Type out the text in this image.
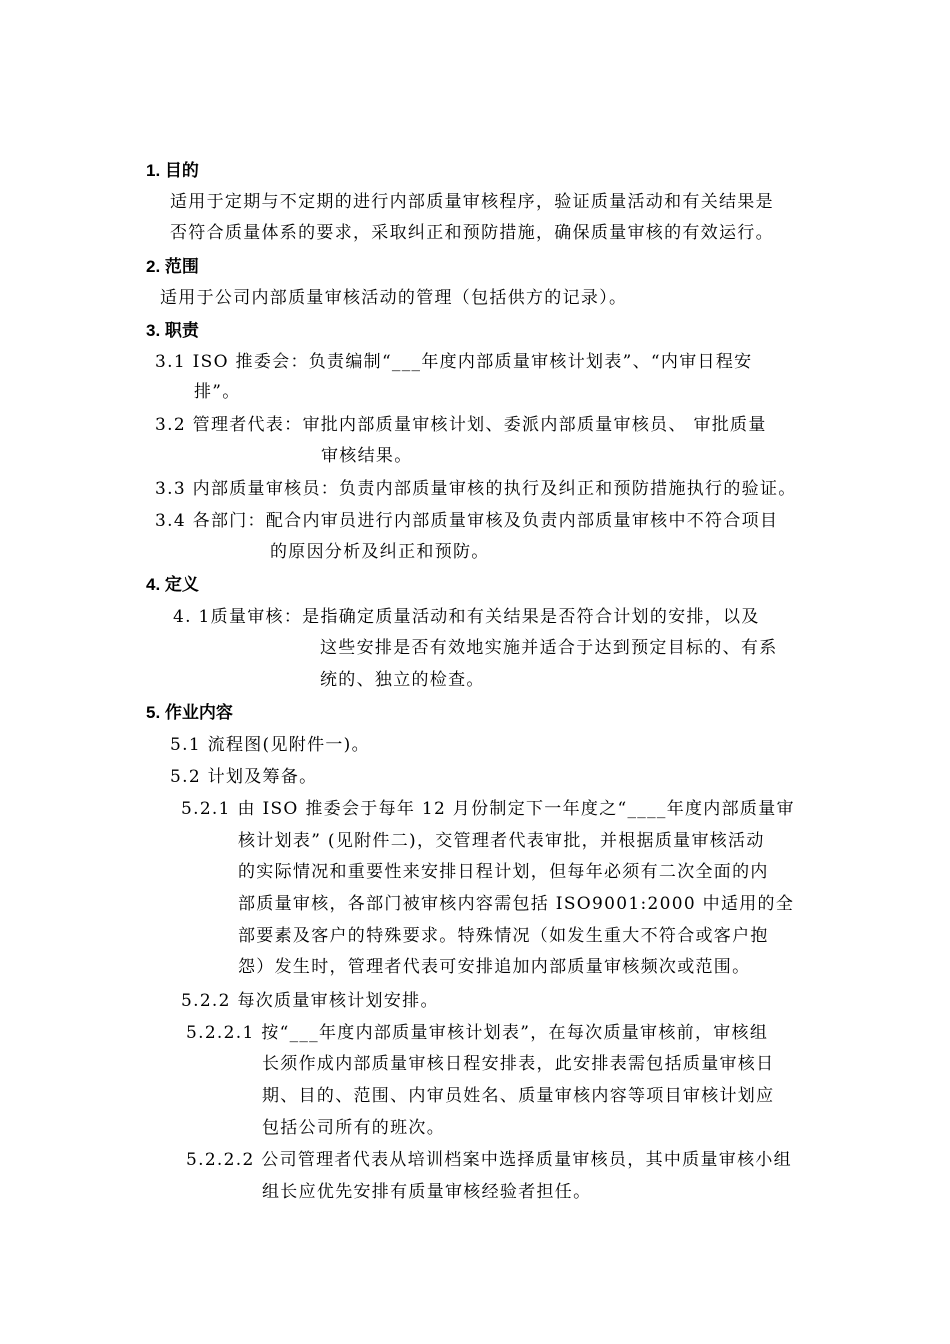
1. 目的
适用于定期与不定期的进行内部质量审核程序，验证质量活动和有关结果是
否符合质量体系的要求，采取纠正和预防措施，确保质量审核的有效运行。
2. 范围
适用于公司内部质量审核活动的管理（包括供方的记录）。
3. 职责
3.1 ISO 推委会：负责编制“___年度内部质量审核计划表”、“内审日程安
排”。
3.2 管理者代表：审批内部质量审核计划、委派内部质量审核员、 审批质量
审核结果。
3.3 内部质量审核员：负责内部质量审核的执行及纠正和预防措施执行的验证。
3.4 各部门：配合内审员进行内部质量审核及负责内部质量审核中不符合项目
的原因分析及纠正和预防。
4. 定义
4. 1质量审核：是指确定质量活动和有关结果是否符合计划的安排，以及
这些安排是否有效地实施并适合于达到预定目标的、有系
统的、独立的检查。
5. 作业内容
5.1 流程图(见附件一)。
5.2 计划及筹备。
5.2.1 由 ISO 推委会于每年 12 月份制定下一年度之“____年度内部质量审
核计划表” (见附件二)，交管理者代表审批，并根据质量审核活动
的实际情况和重要性来安排日程计划，但每年必须有二次全面的内
部质量审核，各部门被审核内容需包括 ISO9001:2000 中适用的全
部要素及客户的特殊要求。特殊情况（如发生重大不符合或客户抱
怨）发生时，管理者代表可安排追加内部质量审核频次或范围。
5.2.2 每次质量审核计划安排。
5.2.2.1 按“___年度内部质量审核计划表”，在每次质量审核前，审核组
长须作成内部质量审核日程安排表，此安排表需包括质量审核日
期、目的、范围、内审员姓名、质量审核内容等项目审核计划应
包括公司所有的班次。
5.2.2.2 公司管理者代表从培训档案中选择质量审核员，其中质量审核小组
组长应优先安排有质量审核经验者担任。
